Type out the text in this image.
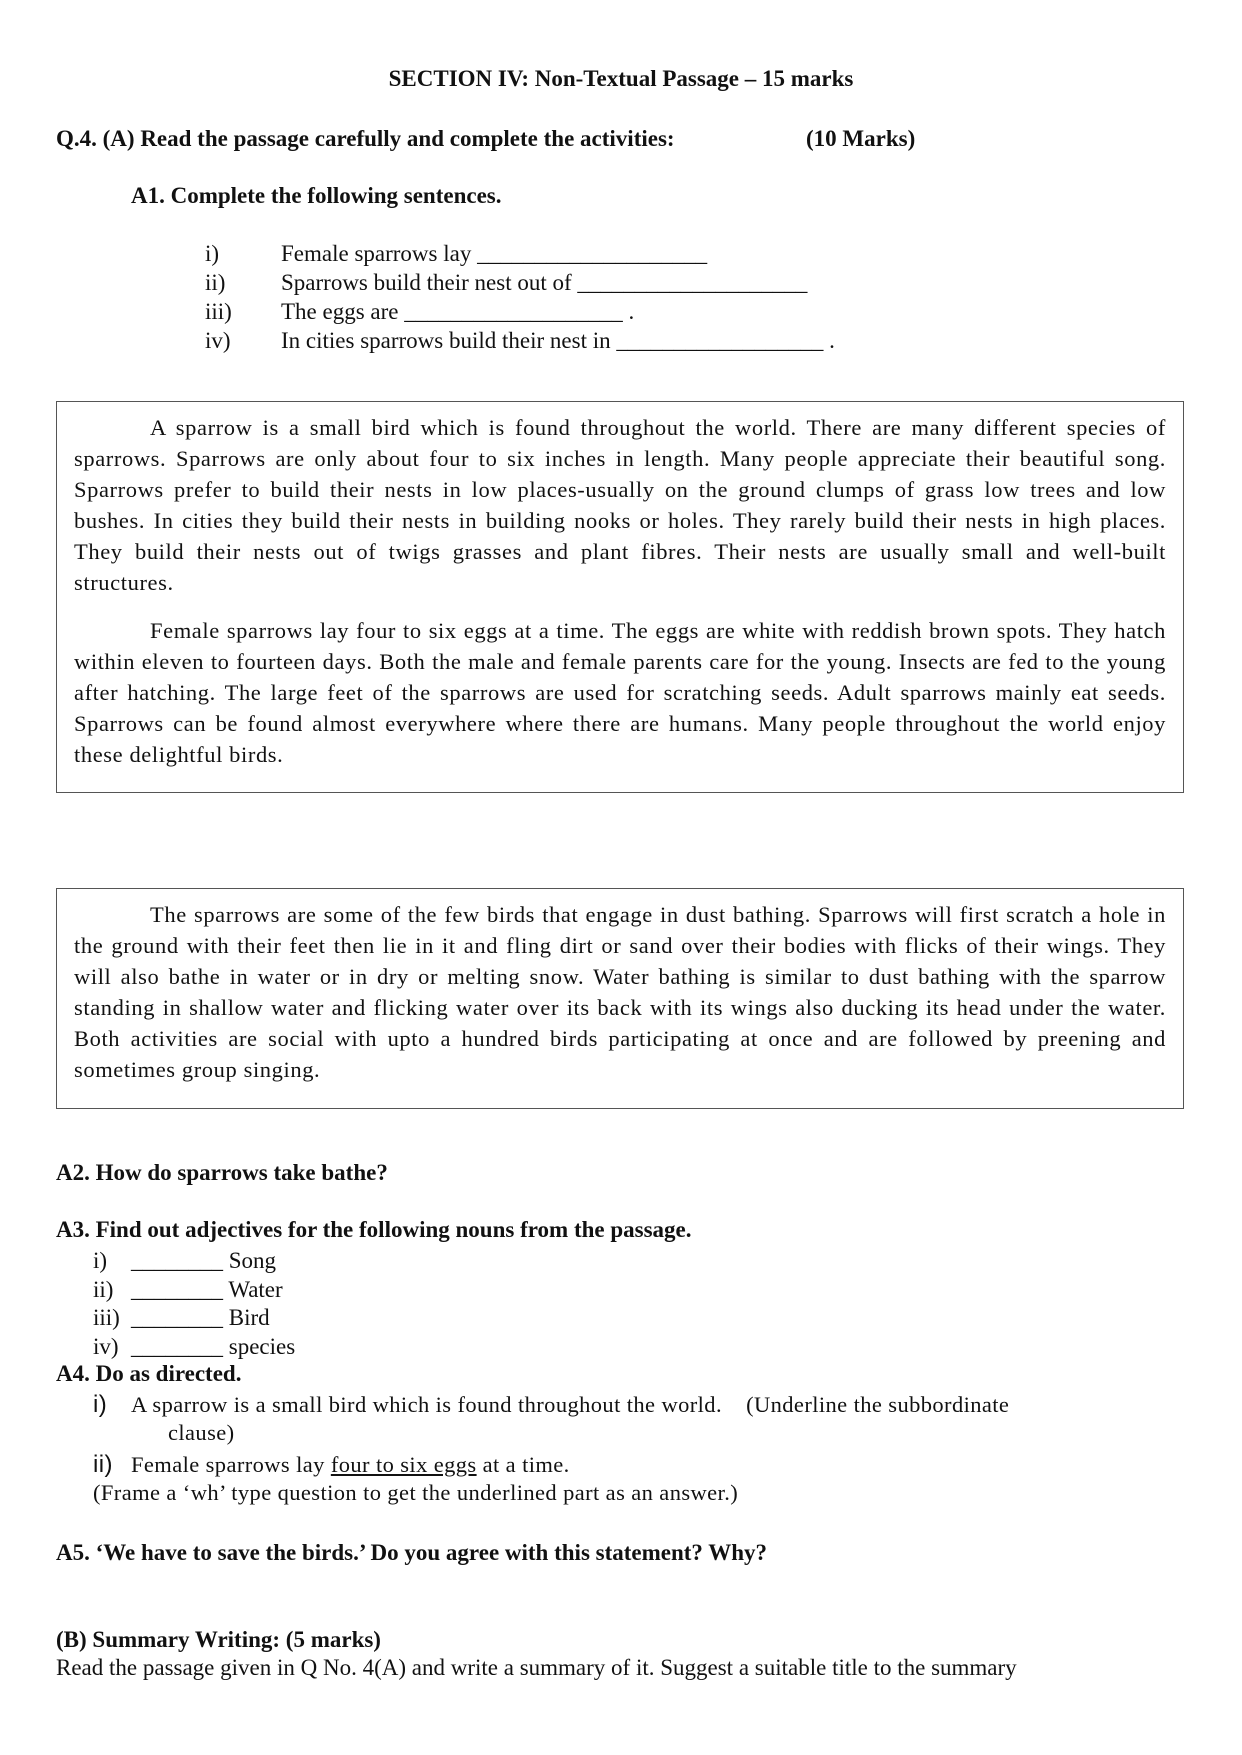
SECTION IV: Non-Textual Passage – 15 marks
Q.4. (A) Read the passage carefully and complete the activities:	(10 Marks)
A1. Complete the following sentences.
i)	Female sparrows lay ____________________
ii)	Sparrows build their nest out of ____________________
iii)	The eggs are ___________________ .
iv)	In cities sparrows build their nest in __________________ .

A sparrow is a small bird which is found throughout the world. There are many different species of sparrows. Sparrows are only about four to six inches in length. Many people appreciate their beautiful song. Sparrows prefer to build their nests in low places-usually on the ground clumps of grass low trees and low bushes. In cities they build their nests in building nooks or holes. They rarely build their nests in high places. They build their nests out of twigs grasses and plant fibres. Their nests are usually small and well-built structures.

Female sparrows lay four to six eggs at a time. The eggs are white with reddish brown spots. They hatch within eleven to fourteen days. Both the male and female parents care for the young. Insects are fed to the young after hatching. The large feet of the sparrows are used for scratching seeds. Adult sparrows mainly eat seeds. Sparrows can be found almost everywhere where there are humans. Many people throughout the world enjoy these delightful birds.

The sparrows are some of the few birds that engage in dust bathing. Sparrows will first scratch a hole in the ground with their feet then lie in it and fling dirt or sand over their bodies with flicks of their wings. They will also bathe in water or in dry or melting snow. Water bathing is similar to dust bathing with the sparrow standing in shallow water and flicking water over its back with its wings also ducking its head under the water. Both activities are social with upto a hundred birds participating at once and are followed by preening and sometimes group singing.

A2. How do sparrows take bathe?
A3. Find out adjectives for the following nouns from the passage.
i)	________ Song
ii) ________ Water
iii) ________ Bird
iv) ________ species
A4. Do as directed.
i) A sparrow is a small bird which is found throughout the world. (Underline the subbordinate
clause)
ii) Female sparrows lay four to six eggs at a time.
(Frame a ‘wh’ type question to get the underlined part as an answer.)
A5. ‘We have to save the birds.’ Do you agree with this statement? Why?
(B) Summary Writing: (5 marks)
Read the passage given in Q No. 4(A) and write a summary of it. Suggest a suitable title to the summary
